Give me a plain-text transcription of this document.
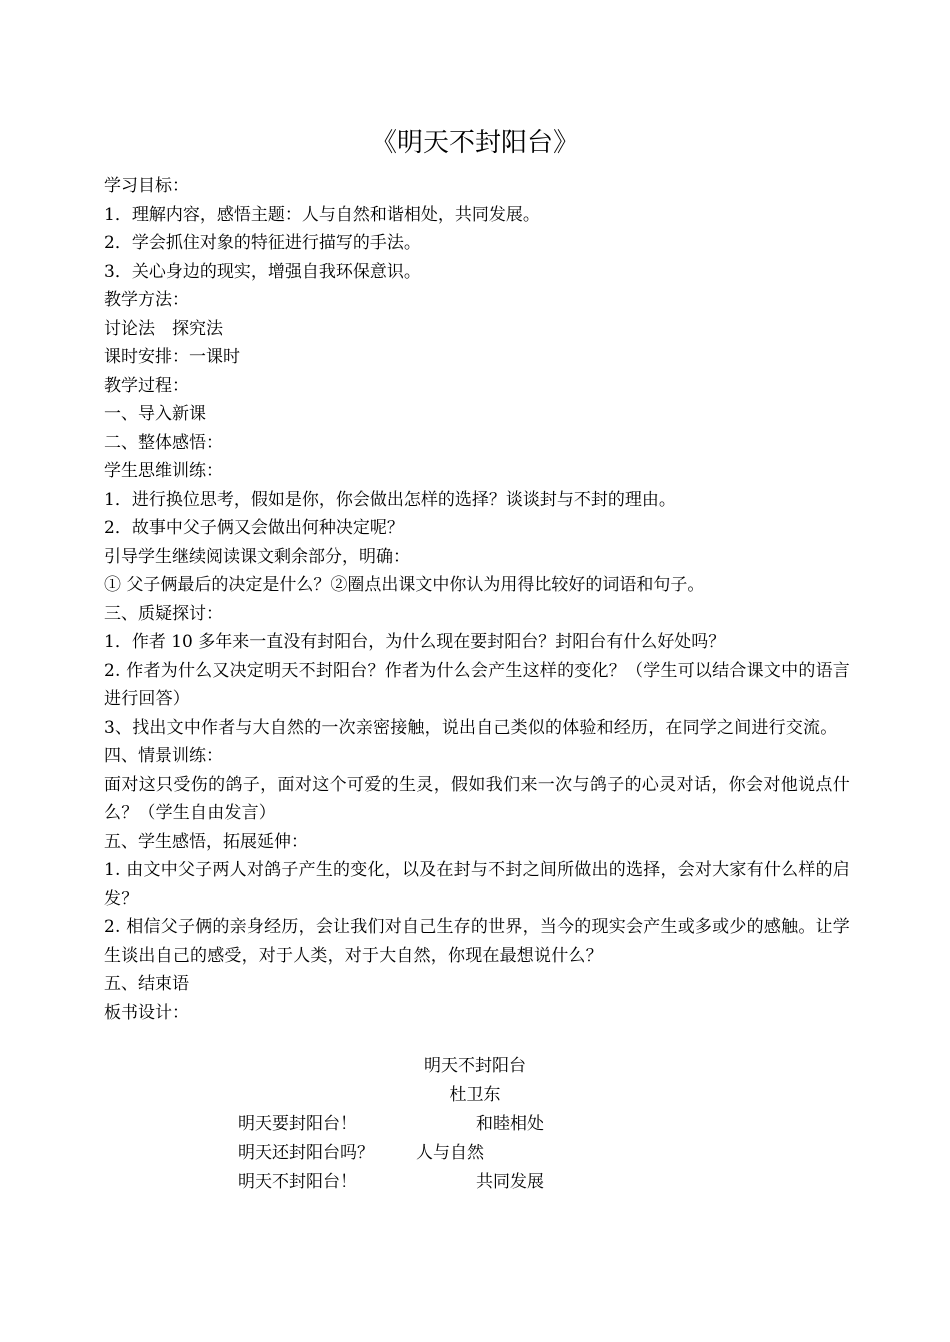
《明天不封阳台》
学习目标：
1．理解内容，感悟主题：人与自然和谐相处，共同发展。
2．学会抓住对象的特征进行描写的手法。
3．关心身边的现实，增强自我环保意识。
教学方法：
讨论法　探究法
课时安排：一课时
教学过程：
一、导入新课
二、整体感悟：
学生思维训练：
1．进行换位思考，假如是你，你会做出怎样的选择？谈谈封与不封的理由。
2．故事中父子俩又会做出何种决定呢？
引导学生继续阅读课文剩余部分，明确：
① 父子俩最后的决定是什么？②圈点出课文中你认为用得比较好的词语和句子。
三、质疑探讨：
1．作者 10 多年来一直没有封阳台，为什么现在要封阳台？封阳台有什么好处吗？
2. 作者为什么又决定明天不封阳台？作者为什么会产生这样的变化？（学生可以结合课文中的语言进行回答）
3、找出文中作者与大自然的一次亲密接触，说出自己类似的体验和经历，在同学之间进行交流。
四、情景训练：
面对这只受伤的鸽子，面对这个可爱的生灵，假如我们来一次与鸽子的心灵对话，你会对他说点什么？（学生自由发言）
五、学生感悟，拓展延伸：
1. 由文中父子两人对鸽子产生的变化，以及在封与不封之间所做出的选择，会对大家有什么样的启发？
2. 相信父子俩的亲身经历，会让我们对自己生存的世界，当今的现实会产生或多或少的感触。让学生谈出自己的感受，对于人类，对于大自然，你现在最想说什么？
五、结束语
板书设计：
明天不封阳台
杜卫东
明天要封阳台！	和睦相处
明天还封阳台吗？ 人与自然
明天不封阳台！	共同发展
